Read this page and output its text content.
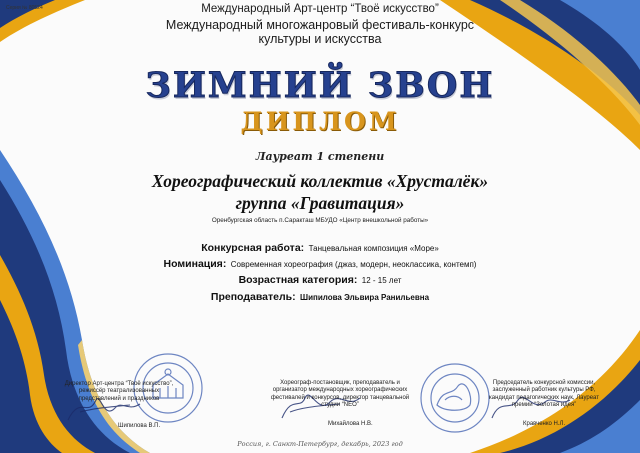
Серия № 80524	Международный Арт-центр “Твоё искусство”
Международный многожанровый фестиваль-конкурс
культуры и искусства
ЗИМНИЙ ЗВОН
ДИПЛОМ
Лауреат 1 степени
Хореографический коллектив «Хрусталёк» группа «Гравитация»
Оренбургская область п.Саракташ МБУДО «Центр внешкольной работы»
Конкурсная работа: Танцевальная композиция «Море»
Номинация: Современная хореография (джаз, модерн, неоклассика, контемп)
Возрастная категория: 12 - 15 лет
Преподаватель: Шипилова Эльвира Ранильевна
Директор Арт-центра “Твоё искусство”, режиссёр театрализованных представлений и праздников
Шипилова В.П.
Хореограф-постановщик, преподаватель и организатор международных хореографических фестивалей и конкурсов, директор танцевальной студии “NEO”
Михайлова Н.В.
Председатель конкурсной комиссии, заслуженный работник культуры РФ, кандидат педагогических наук, Лауреат премии “Золотая идея”
Кравченко Н.Л.
Россия, г. Санкт-Петербург, декабрь, 2023 год
